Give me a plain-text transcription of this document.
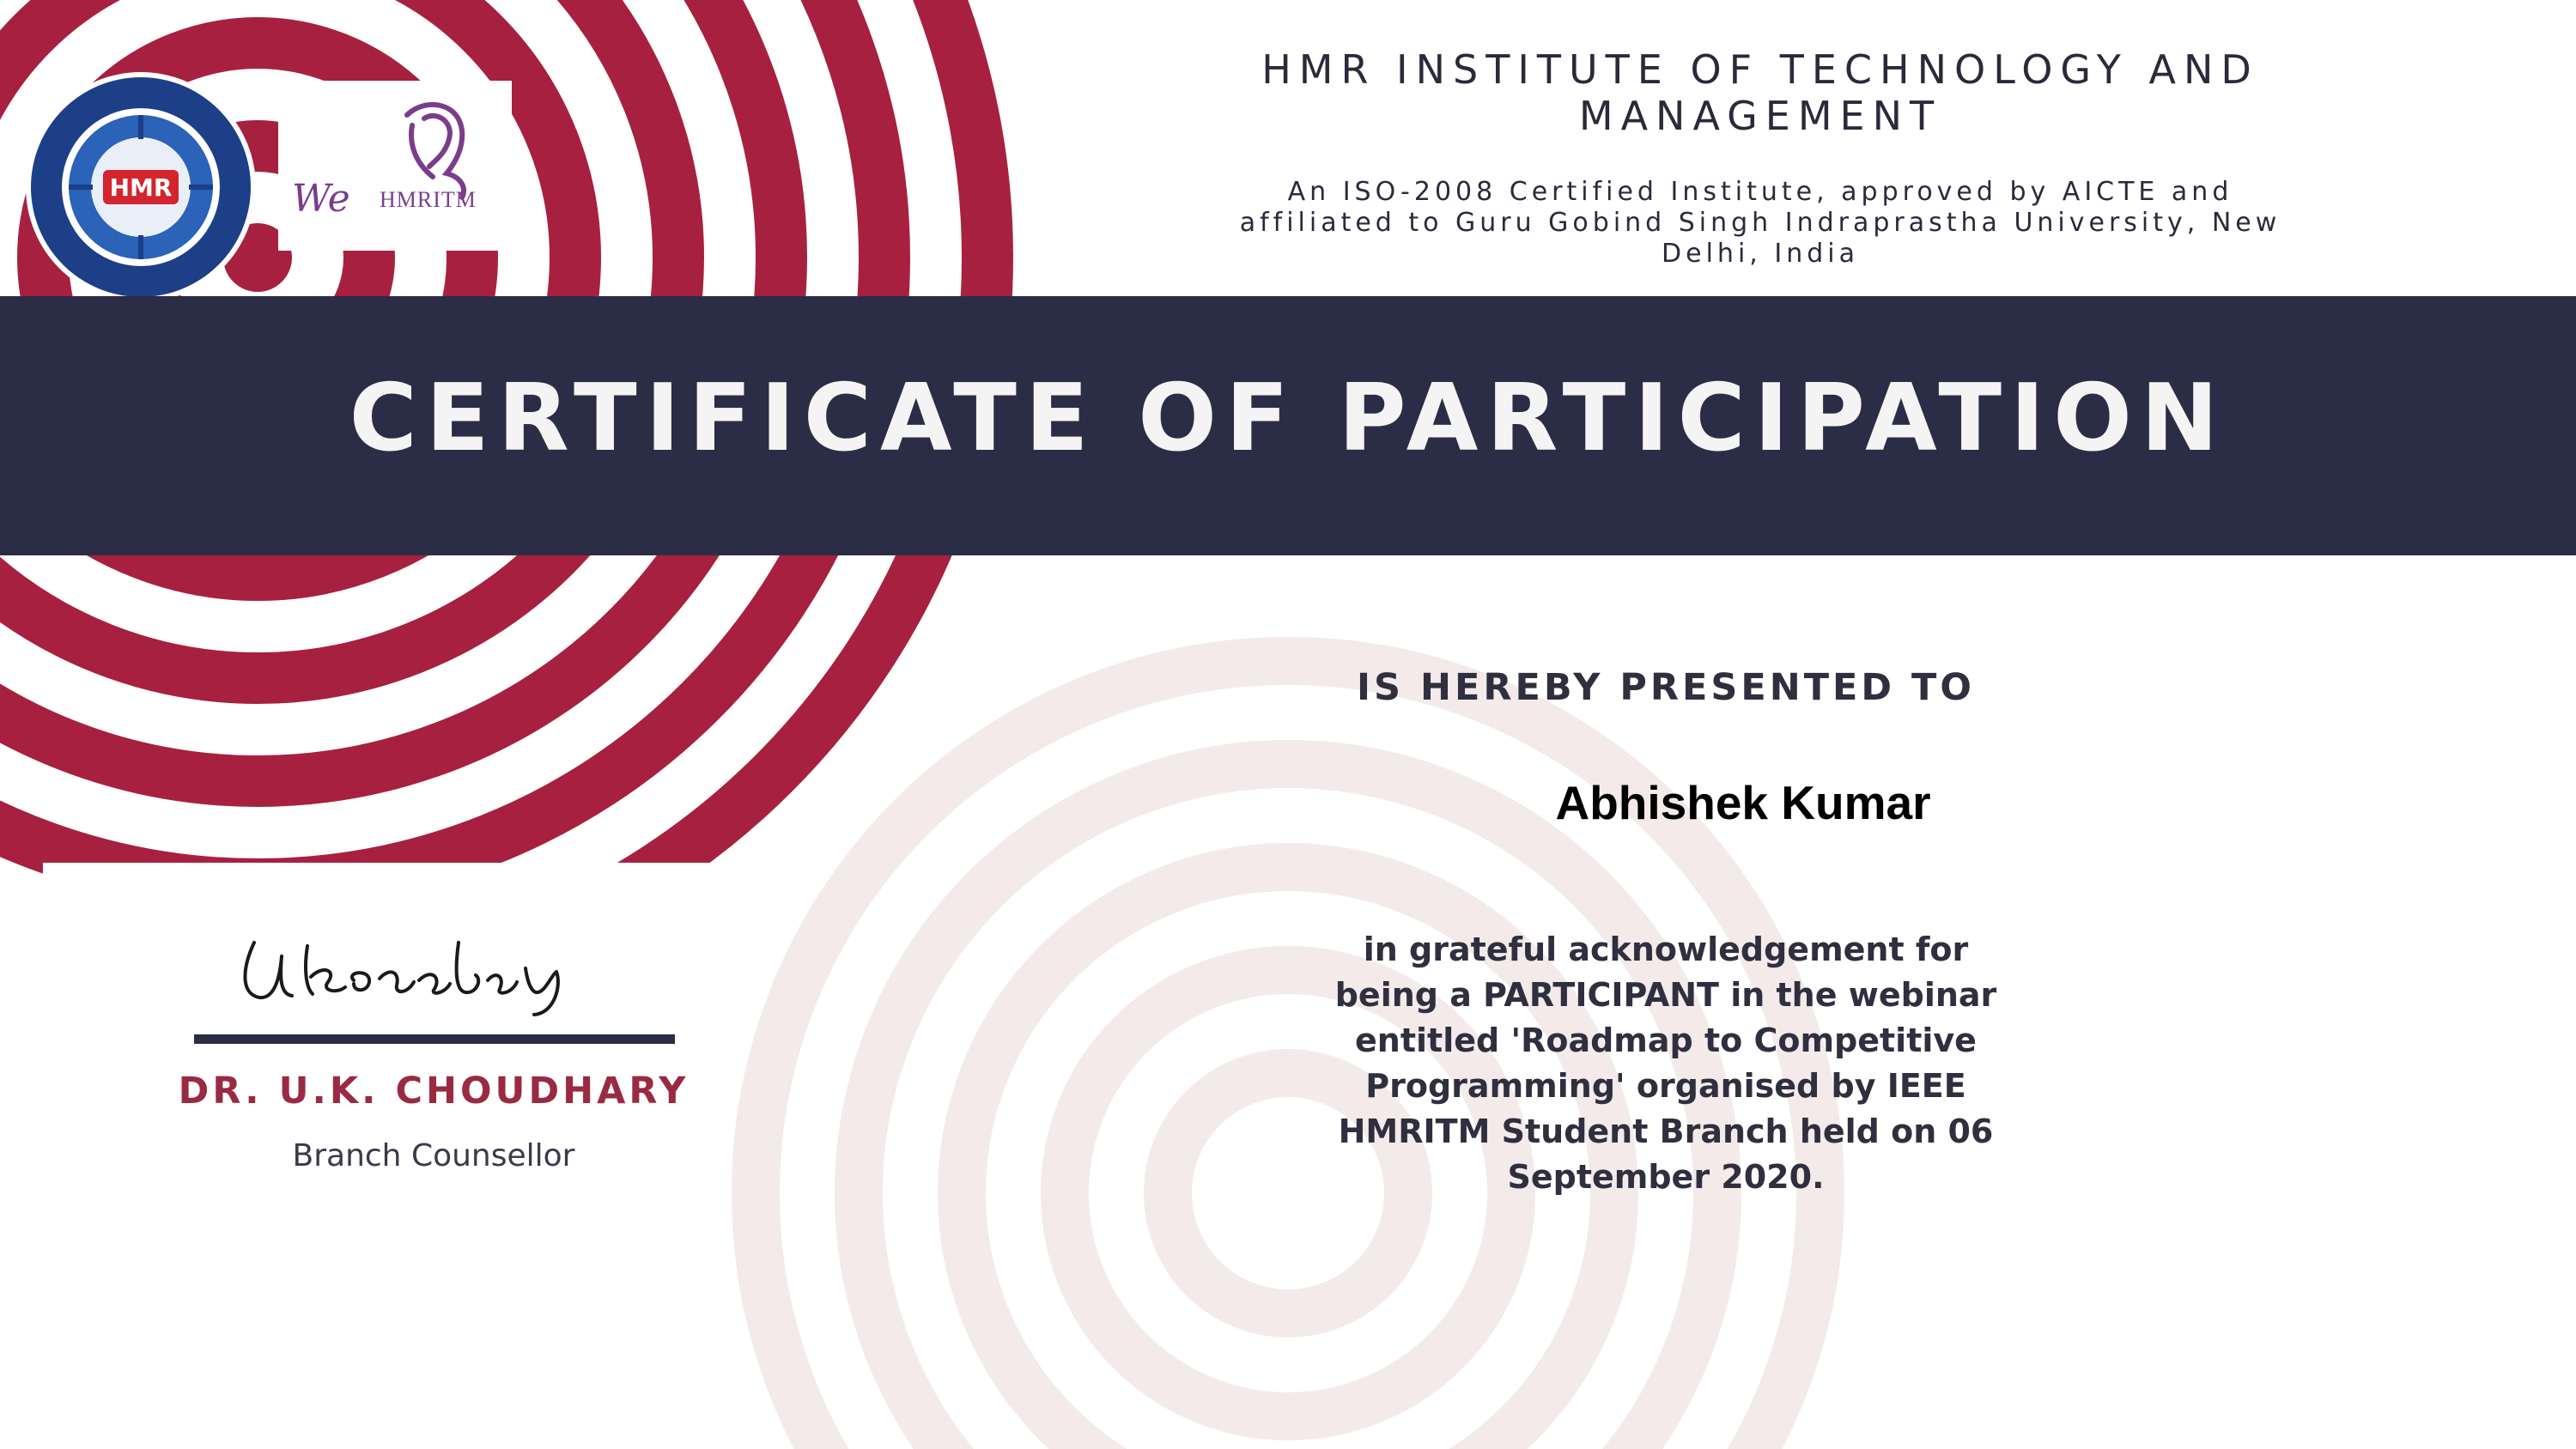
HMR	We HMRITM
HMR INSTITUTE OF TECHNOLOGY AND
MANAGEMENT
An ISO-2008 Certified Institute, approved by AICTE and
affiliated to Guru Gobind Singh Indraprastha University, New
Delhi, India
CERTIFICATE OF PARTICIPATION
IS HEREBY PRESENTED TO
Abhishek Kumar

in grateful acknowledgement for

being a PARTICIPANT in the webinar

entitled 'Roadmap to Competitive

Programming' organised by IEEE

HMRITM Student Branch held on 06

September 2020.

DR. U.K. CHOUDHARY
Branch Counsellor
